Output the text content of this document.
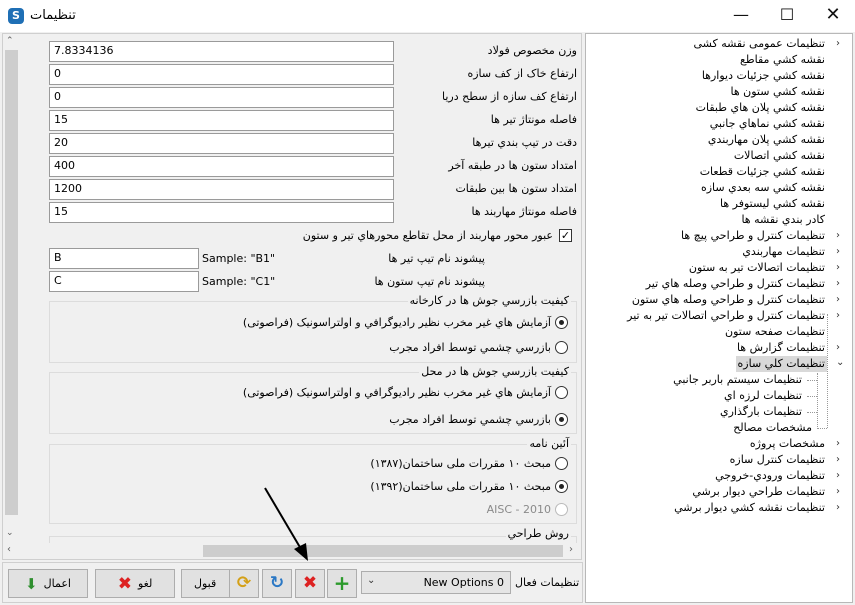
S تنظیمات	—	☐	✕
⌃
⌄
7.8334136	وزن مخصوص فولاد
0	ارتفاع خاک از کف سازه
0	ارتفاع کف سازه از سطح دريا
15	فاصله مونتاژ تير ها
20	دقت در تيپ بندي تيرها
400	امتداد ستون ها در طبقه آخر
1200	امتداد ستون ها بين طبقات
15	فاصله مونتاژ مهاربند ها
✓
عبور محور مهاربند از محل تقاطع محورهاي تير و ستون
B	Sample: "B1"	پيشوند نام تيپ تير ها
C	Sample: "C1"	پيشوند نام تيپ ستون ها
كيفيت بازرسي جوش ها در كارخانه
آزمايش هاي غير مخرب نظير راديوگرافي و اولتراسونيک (فراصوتی)
بازرسي چشمي توسط افراد مجرب
كيفيت بازرسي جوش ها در محل
آزمايش هاي غير مخرب نظير راديوگرافي و اولتراسونيک (فراصوتی)
بازرسي چشمي توسط افراد مجرب
آئين نامه
مبحث ۱۰ مقررات ملی ساختمان(۱۳۸۷)
مبحث ۱۰ مقررات ملی ساختمان(۱۳۹۲)
AISC - 2010
روش طراحي
‹	›
تنظیمات عمومی نقشه کشی ›
نقشه كشي مقاطع
نقشه كشي جزئيات ديوارها
نقشه كشي ستون ها
نقشه كشي پلان هاي طبقات
نقشه كشي نماهاي جانبي
نقشه كشي پلان مهاربندي
نقشه كشي اتصالات
نقشه كشي جزئيات قطعات
نقشه كشي سه بعدي سازه
نقشه كشي ليستوفر ها
كادر بندي نقشه ها
تنظيمات كنترل و طراحي پيچ ها ›
تنظيمات مهاربندي ›
تنظيمات اتصالات تير به ستون ›
تنظيمات كنترل و طراحي وصله هاي تير ›
تنظيمات كنترل و طراحي وصله هاي ستون ›
تنظيمات كنترل و طراحي اتصالات تير به تير ›
تنظيمات صفحه ستون
تنظيمات گزارش ها ›
تنظيمات كلي سازه ⌄
تنظيمات سيستم باربر جانبي
تنظيمات لرزه اي
تنظيمات بارگذاري
مشخصات مصالح
مشخصات پروژه ›
تنظيمات كنترل سازه ›
تنظيمات ورودي-خروجي ›
تنظيمات طراحي ديوار برشي ›
تنظيمات نقشه كشي ديوار برشي ›
⬇ اعمال	✖ لغو	قبول	⟳	↻	✖ +	⌄	New Options 0 تنظیمات فعال
